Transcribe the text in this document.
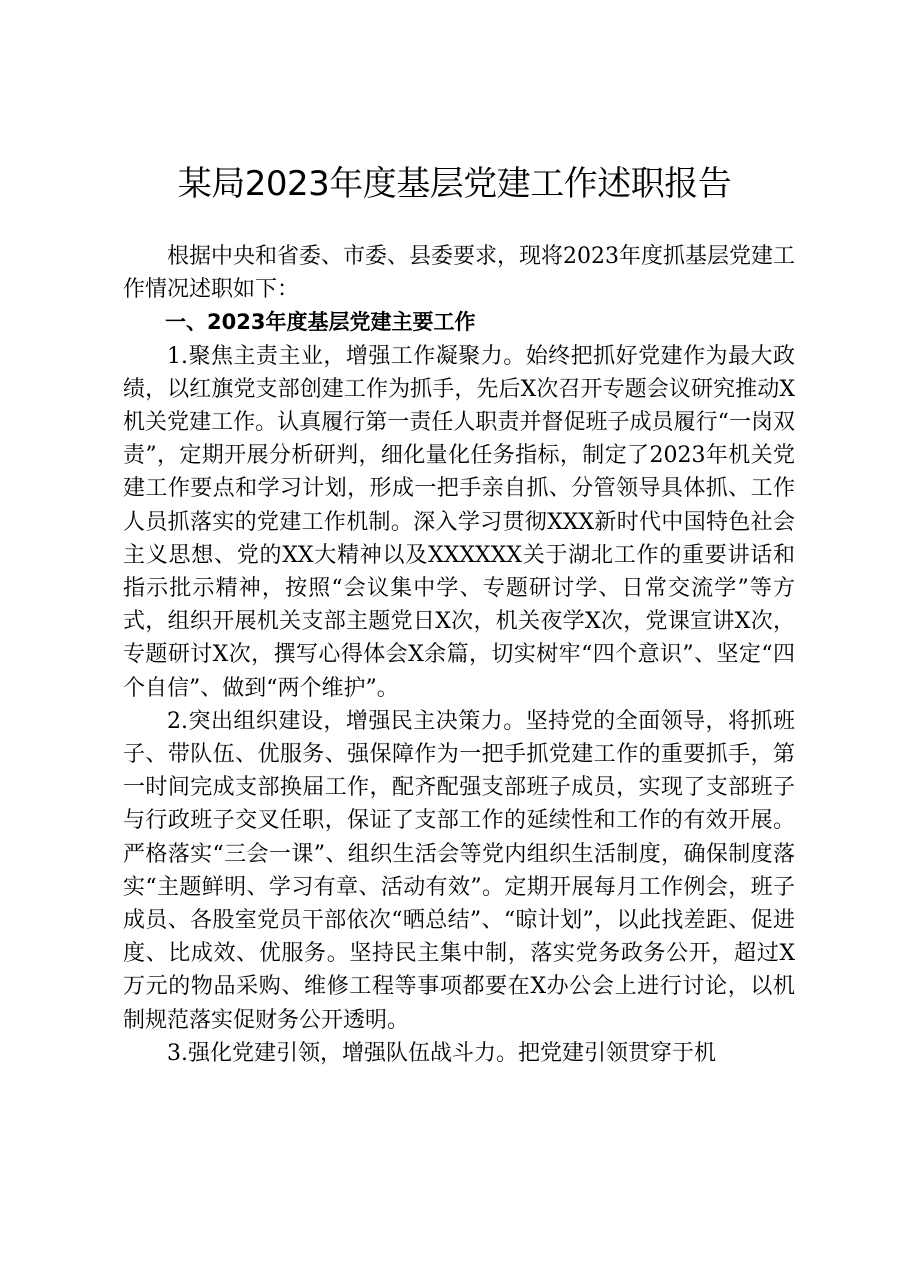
某局2023年度基层党建工作述职报告

根据中央和省委、市委、县委要求，现将2023年度抓基层党建工作情况述职如下：

一、2023年度基层党建主要工作

1.聚焦主责主业，增强工作凝聚力。始终把抓好党建作为最大政绩，以红旗党支部创建工作为抓手，先后X次召开专题会议研究推动X机关党建工作。认真履行第一责任人职责并督促班子成员履行“一岗双责”，定期开展分析研判，细化量化任务指标，制定了2023年机关党建工作要点和学习计划，形成一把手亲自抓、分管领导具体抓、工作人员抓落实的党建工作机制。深入学习贯彻XXX新时代中国特色社会主义思想、党的XX大精神以及XXXXXX关于湖北工作的重要讲话和指示批示精神，按照“会议集中学、专题研讨学、日常交流学”等方式，组织开展机关支部主题党日X次，机关夜学X次，党课宣讲X次，专题研讨X次，撰写心得体会X余篇，切实树牢“四个意识”、坚定“四个自信”、做到“两个维护”。

2.突出组织建设，增强民主决策力。坚持党的全面领导，将抓班子、带队伍、优服务、强保障作为一把手抓党建工作的重要抓手，第一时间完成支部换届工作，配齐配强支部班子成员，实现了支部班子与行政班子交叉任职，保证了支部工作的延续性和工作的有效开展。严格落实“三会一课”、组织生活会等党内组织生活制度，确保制度落实“主题鲜明、学习有章、活动有效”。定期开展每月工作例会，班子成员、各股室党员干部依次“晒总结”、“晾计划”，以此找差距、促进度、比成效、优服务。坚持民主集中制，落实党务政务公开，超过X万元的物品采购、维修工程等事项都要在X办公会上进行讨论，以机制规范落实促财务公开透明。

3.强化党建引领，增强队伍战斗力。把党建引领贯穿于机
